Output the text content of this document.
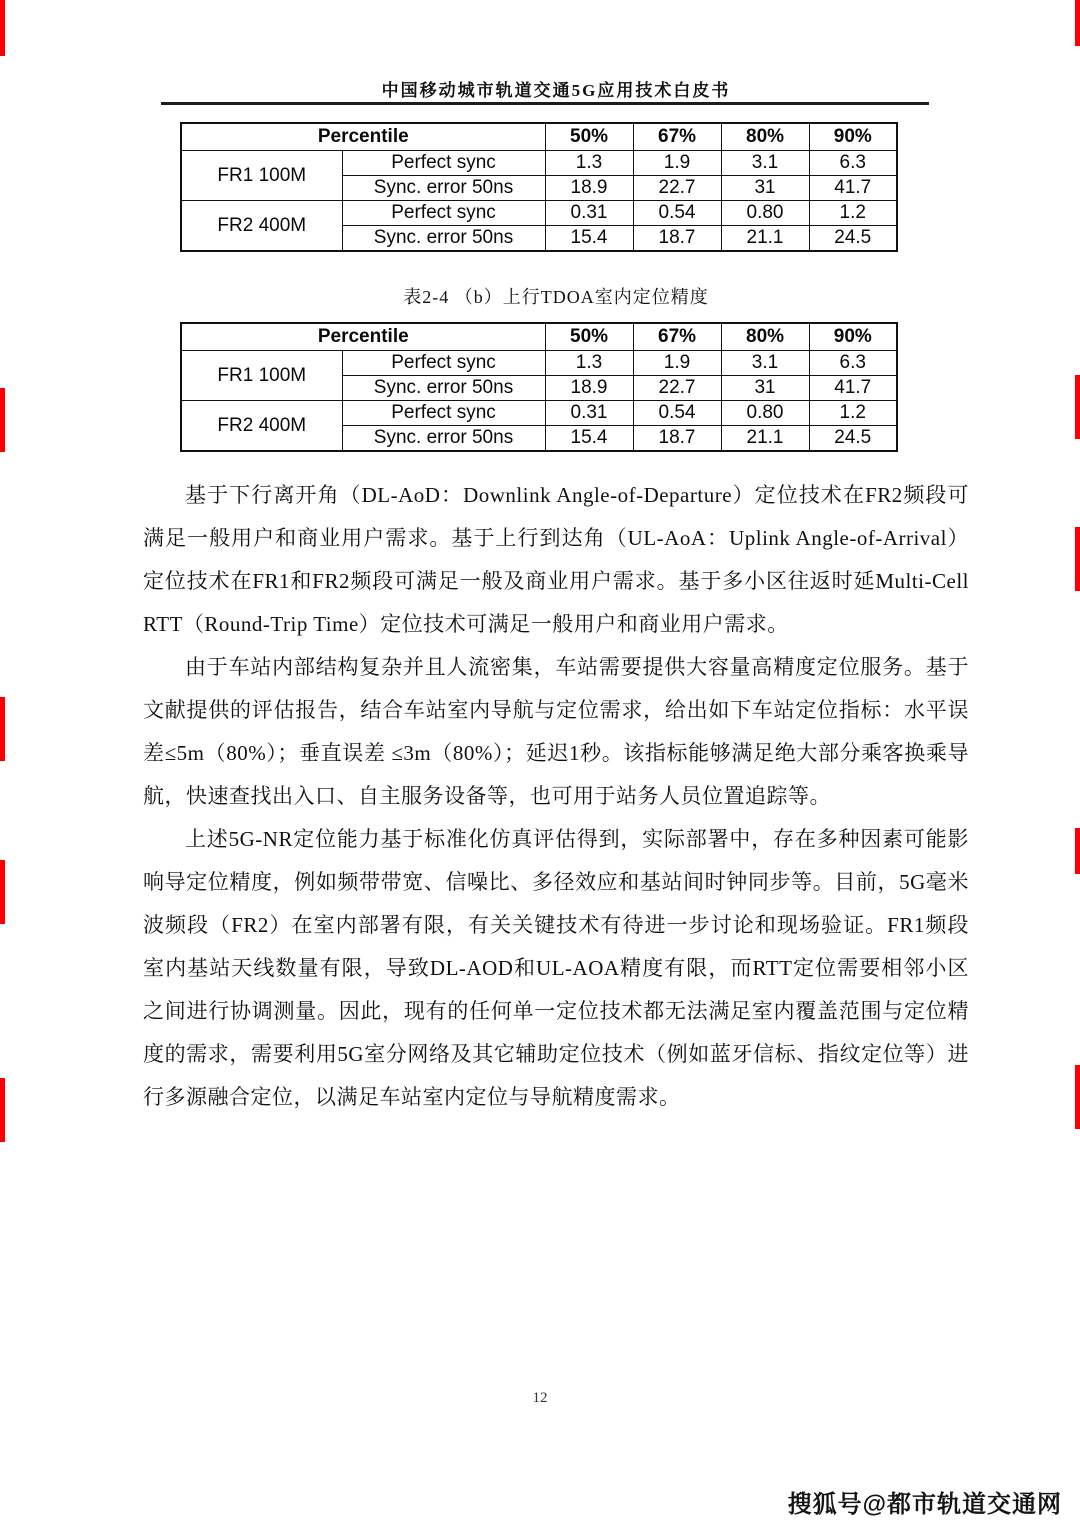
中国移动城市轨道交通5G应用技术白皮书
Percentile		50%	67%	80%	90%
FR1 100M	Perfect sync	1.3	1.9	3.1	6.3
	Sync. error 50ns	18.9	22.7	31	41.7
FR2 400M	Perfect sync	0.31	0.54	0.80	1.2
	Sync. error 50ns	15.4	18.7	21.1	24.5
表2-4 （b）上行TDOA室内定位精度
Percentile		50%	67%	80%	90%
FR1 100M	Perfect sync	1.3	1.9	3.1	6.3
	Sync. error 50ns	18.9	22.7	31	41.7
FR2 400M	Perfect sync	0.31	0.54	0.80	1.2
	Sync. error 50ns	15.4	18.7	21.1	24.5

基于下行离开角（DL-AoD：Downlink Angle-of-Departure）定位技术在FR2频段可满足一般用户和商业用户需求。基于上行到达角（UL-AoA：Uplink Angle-of-Arrival）定位技术在FR1和FR2频段可满足一般及商业用户需求。基于多小区往返时延Multi-Cell RTT（Round-Trip Time）定位技术可满足一般用户和商业用户需求。

由于车站内部结构复杂并且人流密集，车站需要提供大容量高精度定位服务。基于文献提供的评估报告，结合车站室内导航与定位需求，给出如下车站定位指标：水平误差≤5m（80%）；垂直误差 ≤3m（80%）；延迟1秒。该指标能够满足绝大部分乘客换乘导航，快速查找出入口、自主服务设备等，也可用于站务人员位置追踪等。

上述5G-NR定位能力基于标准化仿真评估得到，实际部署中，存在多种因素可能影响导定位精度，例如频带带宽、信噪比、多径效应和基站间时钟同步等。目前，5G毫米波频段（FR2）在室内部署有限，有关关键技术有待进一步讨论和现场验证。FR1频段室内基站天线数量有限，导致DL-AOD和UL-AOA精度有限，而RTT定位需要相邻小区之间进行协调测量。因此，现有的任何单一定位技术都无法满足室内覆盖范围与定位精度的需求，需要利用5G室分网络及其它辅助定位技术（例如蓝牙信标、指纹定位等）进行多源融合定位，以满足车站室内定位与导航精度需求。

12
搜狐号@都市轨道交通网
